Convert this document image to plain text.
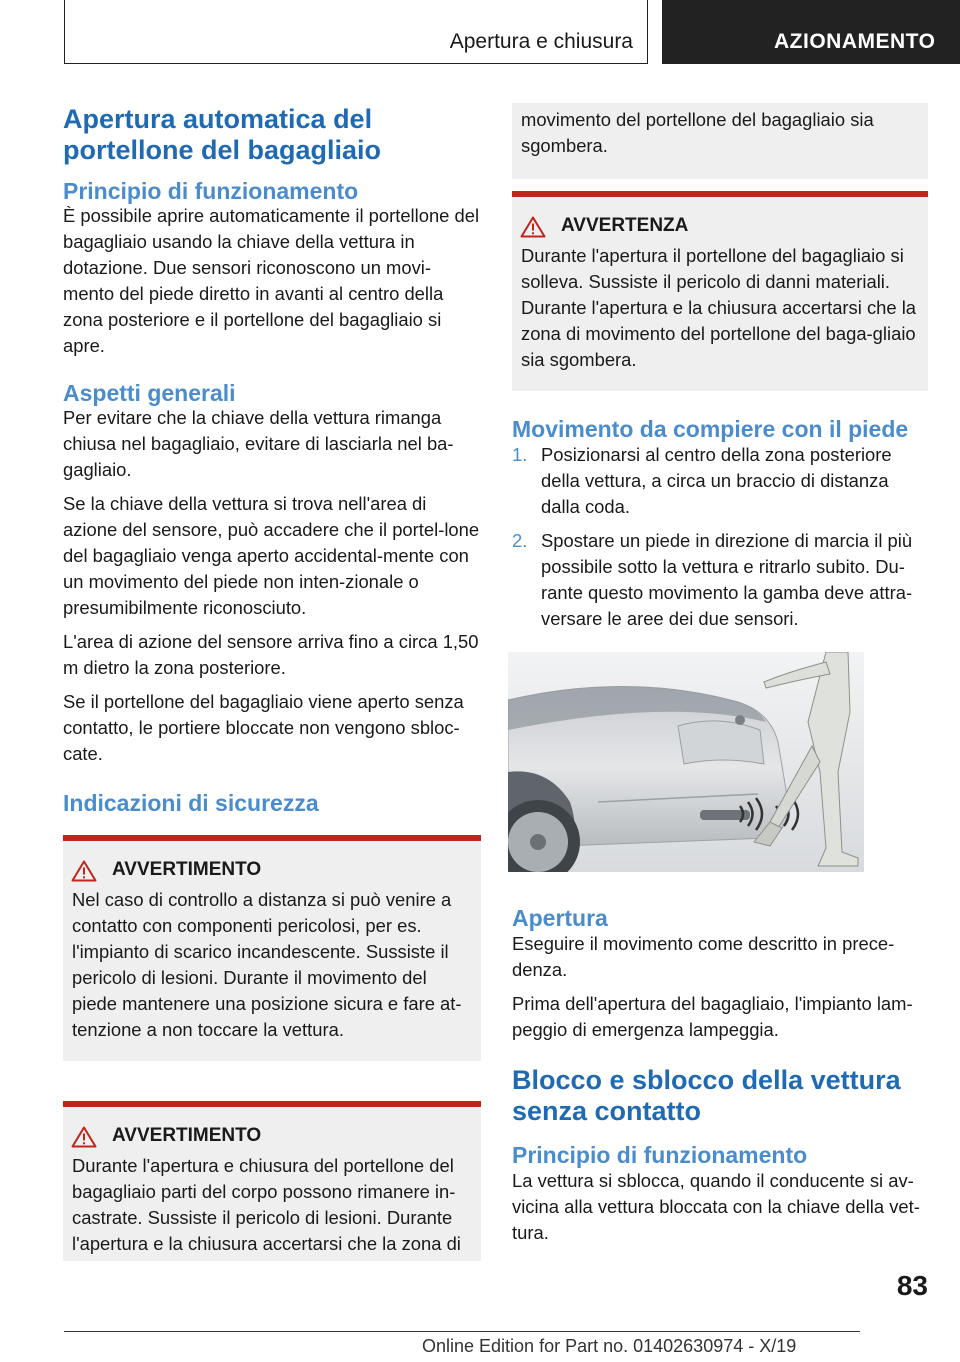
Apertura e chiusura	AZIONAMENTO
Apertura automatica del portellone del bagagliaio
Principio di funzionamento

È possibile aprire automaticamente il portellone del bagagliaio usando la chiave della vettura in dotazione. Due sensori riconoscono un movi-mento del piede diretto in avanti al centro della zona posteriore e il portellone del bagagliaio si apre.

Aspetti generali

Per evitare che la chiave della vettura rimanga chiusa nel bagagliaio, evitare di lasciarla nel ba-gagliaio.

Se la chiave della vettura si trova nell'area di azione del sensore, può accadere che il portel-lone del bagagliaio venga aperto accidental-mente con un movimento del piede non inten-zionale o presumibilmente riconosciuto.

L'area di azione del sensore arriva fino a circa 1,50 m dietro la zona posteriore.

Se il portellone del bagagliaio viene aperto senza contatto, le portiere bloccate non vengono sbloc-cate.

Indicazioni di sicurezza
AVVERTIMENTO

Nel caso di controllo a distanza si può venire a contatto con componenti pericolosi, per es. l'impianto di scarico incandescente. Sussiste il pericolo di lesioni. Durante il movimento del piede mantenere una posizione sicura e fare at-tenzione a non toccare la vettura.

AVVERTIMENTO

Durante l'apertura e chiusura del portellone del bagagliaio parti del corpo possono rimanere in-castrate. Sussiste il pericolo di lesioni. Durante l'apertura e la chiusura accertarsi che la zona di

movimento del portellone del bagagliaio sia sgombera.

AVVERTENZA

Durante l'apertura il portellone del bagagliaio si solleva. Sussiste il pericolo di danni materiali. Durante l'apertura e la chiusura accertarsi che la zona di movimento del portellone del baga-gliaio sia sgombera.

Movimento da compiere con il piede
1. Posizionarsi al centro della zona posteriore della vettura, a circa un braccio di distanza dalla coda.
2. Spostare un piede in direzione di marcia il più possibile sotto la vettura e ritrarlo subito. Du-rante questo movimento la gamba deve attra-versare le aree dei due sensori.
Apertura

Eseguire il movimento come descritto in prece-denza.

Prima dell'apertura del bagagliaio, l'impianto lam-peggio di emergenza lampeggia.

Blocco e sblocco della vettura senza contatto
Principio di funzionamento

La vettura si sblocca, quando il conducente si av-vicina alla vettura bloccata con la chiave della vet-tura.

83
Online Edition for Part no. 01402630974 - X/19
